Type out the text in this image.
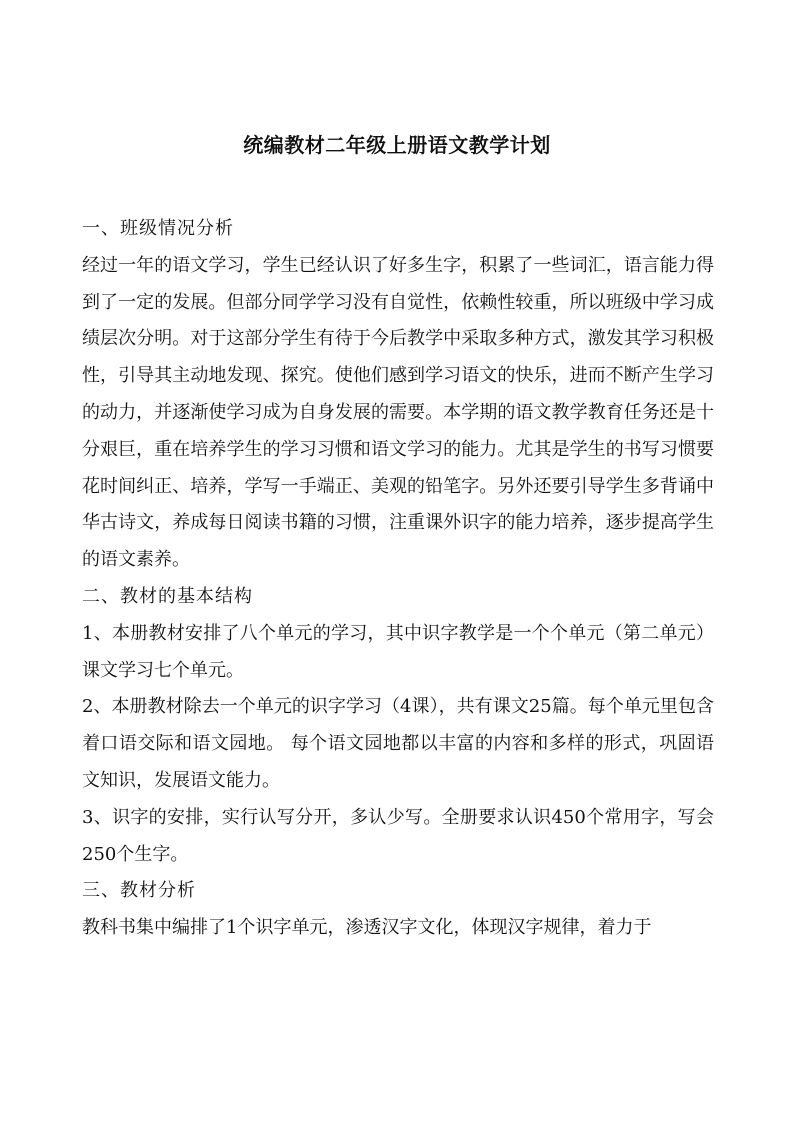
统编教材二年级上册语文教学计划

一、班级情况分析

经过一年的语文学习，学生已经认识了好多生字，积累了一些词汇，语言能力得到了一定的发展。但部分同学学习没有自觉性，依赖性较重，所以班级中学习成绩层次分明。对于这部分学生有待于今后教学中采取多种方式，激发其学习积极性，引导其主动地发现、探究。使他们感到学习语文的快乐，进而不断产生学习的动力，并逐渐使学习成为自身发展的需要。本学期的语文教学教育任务还是十分艰巨，重在培养学生的学习习惯和语文学习的能力。尤其是学生的书写习惯要花时间纠正、培养，学写一手端正、美观的铅笔字。另外还要引导学生多背诵中华古诗文，养成每日阅读书籍的习惯，注重课外识字的能力培养，逐步提高学生的语文素养。

二、教材的基本结构

1、本册教材安排了八个单元的学习，其中识字教学是一个个单元（第二单元）课文学习七个单元。

2、本册教材除去一个单元的识字学习（4课），共有课文25篇。每个单元里包含着口语交际和语文园地。 每个语文园地都以丰富的内容和多样的形式，巩固语文知识，发展语文能力。

3、识字的安排，实行认写分开，多认少写。全册要求认识450个常用字，写会250个生字。

三、教材分析

教科书集中编排了1个识字单元，渗透汉字文化，体现汉字规律，着力于
